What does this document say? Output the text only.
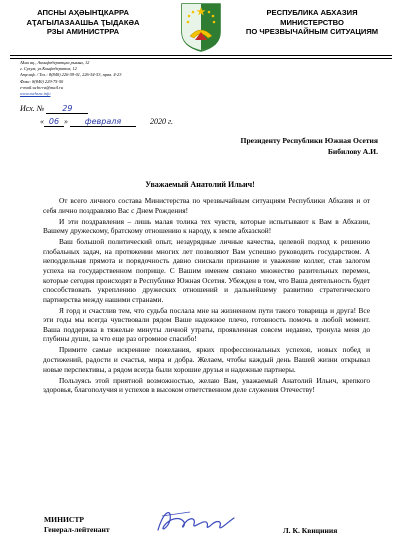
АПСНЫ АҲӘЫНҴКАРРА
АҬАГЫЛАЗААШЬА ҬЫДАКӘА
РЗЫ АМИНИСТРРА
РЕСПУБЛИКА АБХАЗИЯ
МИНИСТЕРСТВО
ПО ЧРЕЗВЫЧАЙНЫМ СИТУАЦИЯМ
Аҟәа ақ., Аконфедератцәа рымҩа, 12
г. Сухум, ул.Конфедератов, 12
Аҭелеф. / Тел.: 8(840) 226-59-01, 226-54-53, прав. 4-23
Факс: 8(840) 229-75-50
e-mail:uchs-ra@mail.ru
www.mchsra.info
Исх. № 29
« 06 » февраля	2020 г.
Президенту Республики Южная Осетия
Бибилову А.И.
Уважаемый Анатолий Ильич!

От всего личного состава Министерства по чрезвычайным ситуациям Республики Абхазия и от себя лично поздравляю Вас с Днем Рождения!

И эти поздравления – лишь малая толика тех чувств, которые испытывают к Вам в Абхазии, Вашему дружескому, братскому отношению к народу, к земле абхазской!

Ваш большой политический опыт, незаурядные личные качества, целевой подход к решению глобальных задач, на протяжении многих лет позволяют Вам успешно руководить государством. А неподдельная прямота и порядочность давно снискали признание и уважение коллег, став залогом успеха на государственном поприще. С Вашим именем связано множество разительных перемен, которые сегодня происходят в Республике Южная Осетия. Убежден в том, что Ваша деятельность будет способствовать укреплению дружеских отношений и дальнейшему развитию стратегического партнерства между нашими странами.

Я горд и счастлив тем, что судьба послала мне на жизненном пути такого товарища и друга! Все эти годы мы всегда чувствовали рядом Ваше надежное плечо, готовность помочь в любой момент. Ваша поддержка в тяжелые минуты личной утраты, проявленная совсем недавно, тронула меня до глубины души, за что еще раз огромное спасибо!

Примите самые искренние пожелания, ярких профессиональных успехов, новых побед и достижений, радости и счастья, мира и добра. Желаем, чтобы каждый день Вашей жизни открывал новые перспективы, а рядом всегда были хорошие друзья и надежные партнеры.

Пользуясь этой приятной возможностью, желаю Вам, уважаемый Анатолий Ильич, крепкого здоровья, благополучия и успехов в высоком ответственном деле служения Отечеству!

МИНИСТР
Генерал-лейтенант	Л. К. Квициния
